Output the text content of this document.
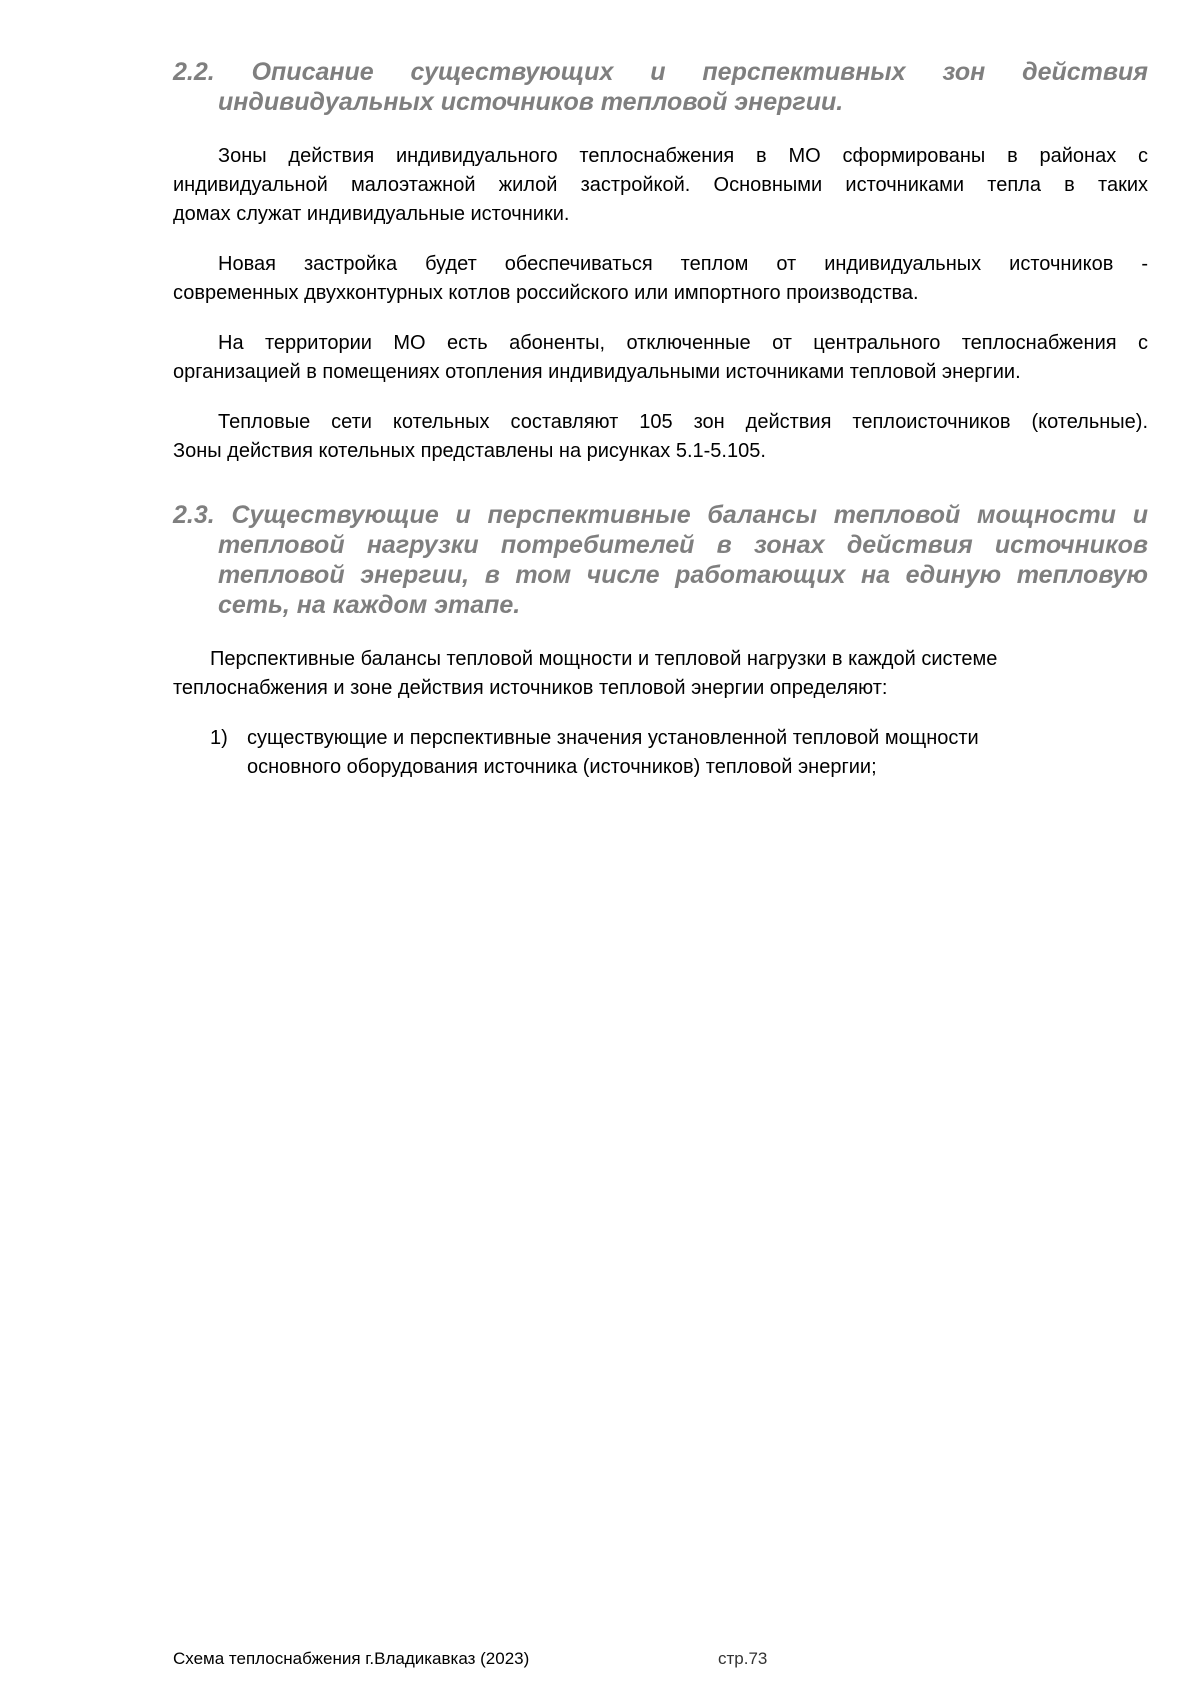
2.2. Описание существующих и перспективных зон действия
индивидуальных источников тепловой энергии.

Зоны действия индивидуального теплоснабжения в МО сформированы в районах с
индивидуальной малоэтажной жилой застройкой. Основными источниками тепла в таких
домах служат индивидуальные источники.

Новая застройка будет обеспечиваться теплом от индивидуальных источников -
современных двухконтурных котлов российского или импортного производства.

На территории МО есть абоненты, отключенные от центрального теплоснабжения с
организацией в помещениях отопления индивидуальными источниками тепловой энергии.

Тепловые сети котельных составляют 105 зон действия теплоисточников (котельные).
Зоны действия котельных представлены на рисунках 5.1-5.105.

2.3. Существующие и перспективные балансы тепловой мощности и
тепловой нагрузки потребителей в зонах действия источников
тепловой энергии, в том числе работающих на единую тепловую
сеть, на каждом этапе.

Перспективные балансы тепловой мощности и тепловой нагрузки в каждой системе
теплоснабжения и зоне действия источников тепловой энергии определяют:

1) существующие и перспективные значения установленной тепловой мощности
основного оборудования источника (источников) тепловой энергии;
Схема теплоснабжения г.Владикавказ (2023)	стр.73
